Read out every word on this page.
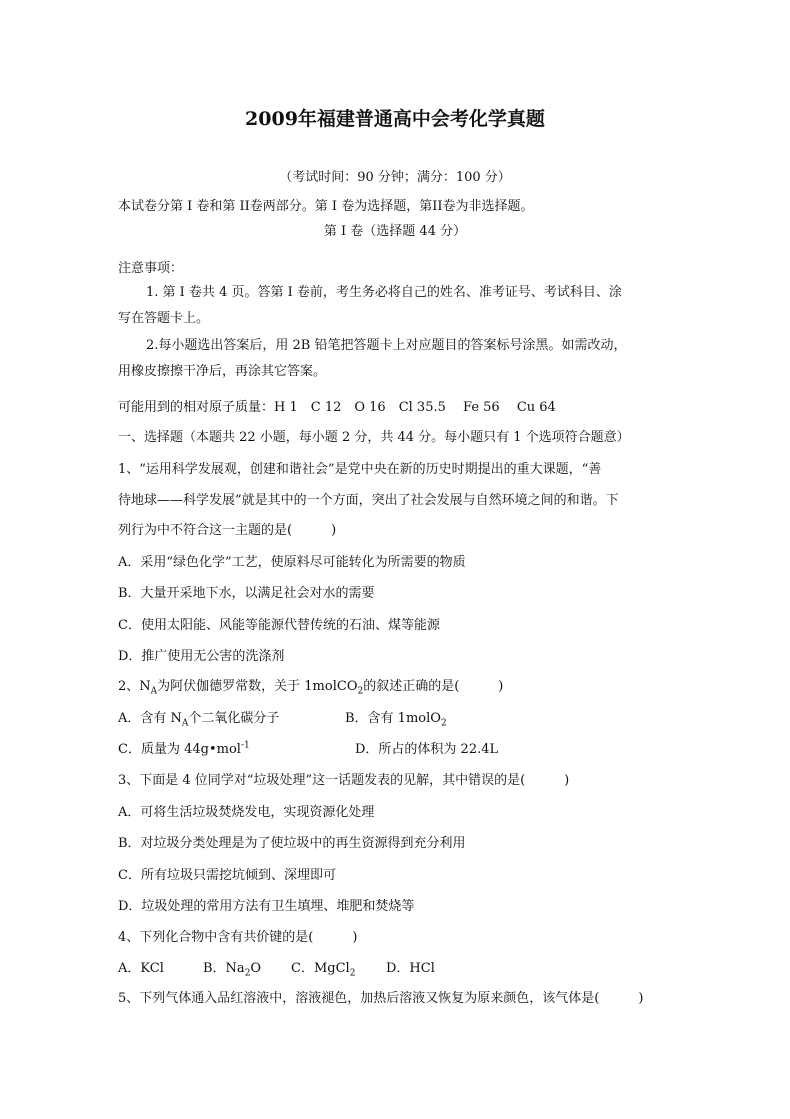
2009年福建普通高中会考化学真题
（考试时间：90 分钟；满分：100 分）
本试卷分第 I 卷和第 II卷两部分。第 I 卷为选择题，第II卷为非选择题。
第 I 卷（选择题 44 分）
注意事项：
1. 第 I 卷共 4 页。答第 I 卷前，考生务必将自己的姓名、准考证号、考试科目、涂
写在答题卡上。
2.每小题选出答案后，用 2B 铅笔把答题卡上对应题目的答案标号涂黑。如需改动，
用橡皮擦擦干净后，再涂其它答案。
可能用到的相对原子质量：H 1　C 12　O 16　Cl 35.5　 Fe 56　 Cu 64
一、选择题（本题共 22 小题，每小题 2 分，共 44 分。每小题只有 1 个选项符合题意）
1、“运用科学发展观，创建和谐社会”是党中央在新的历史时期提出的重大课题，“善
待地球——科学发展”就是其中的一个方面，突出了社会发展与自然环境之间的和谐。下
列行为中不符合这一主题的是(　　　)
A．采用“绿色化学”工艺，使原料尽可能转化为所需要的物质
B．大量开采地下水，以满足社会对水的需要
C．使用太阳能、风能等能源代替传统的石油、煤等能源
D．推广使用无公害的洗涤剂
2、$N_A$为阿伏伽德罗常数，关于 1molCO$_2$的叙述正确的是(　　　)
A．含有 $N_A$个二氧化碳分子	B．含有 1molO$_2$
C．质量为 44g•mol$^{-1}$	D．所占的体积为 22.4L
3、下面是 4 位同学对“垃圾处理”这一话题发表的见解，其中错误的是(　　　)
A．可将生活垃圾焚烧发电，实现资源化处理
B．对垃圾分类处理是为了使垃圾中的再生资源得到充分利用
C．所有垃圾只需挖坑倾到、深埋即可
D．垃圾处理的常用方法有卫生填埋、堆肥和焚烧等
4、下列化合物中含有共价键的是(　　　)
A．KCl	B．$Na_2O$ C．MgCl$_2$ D．HCl
5、下列气体通入品红溶液中，溶液褪色，加热后溶液又恢复为原来颜色，该气体是(　　　)
